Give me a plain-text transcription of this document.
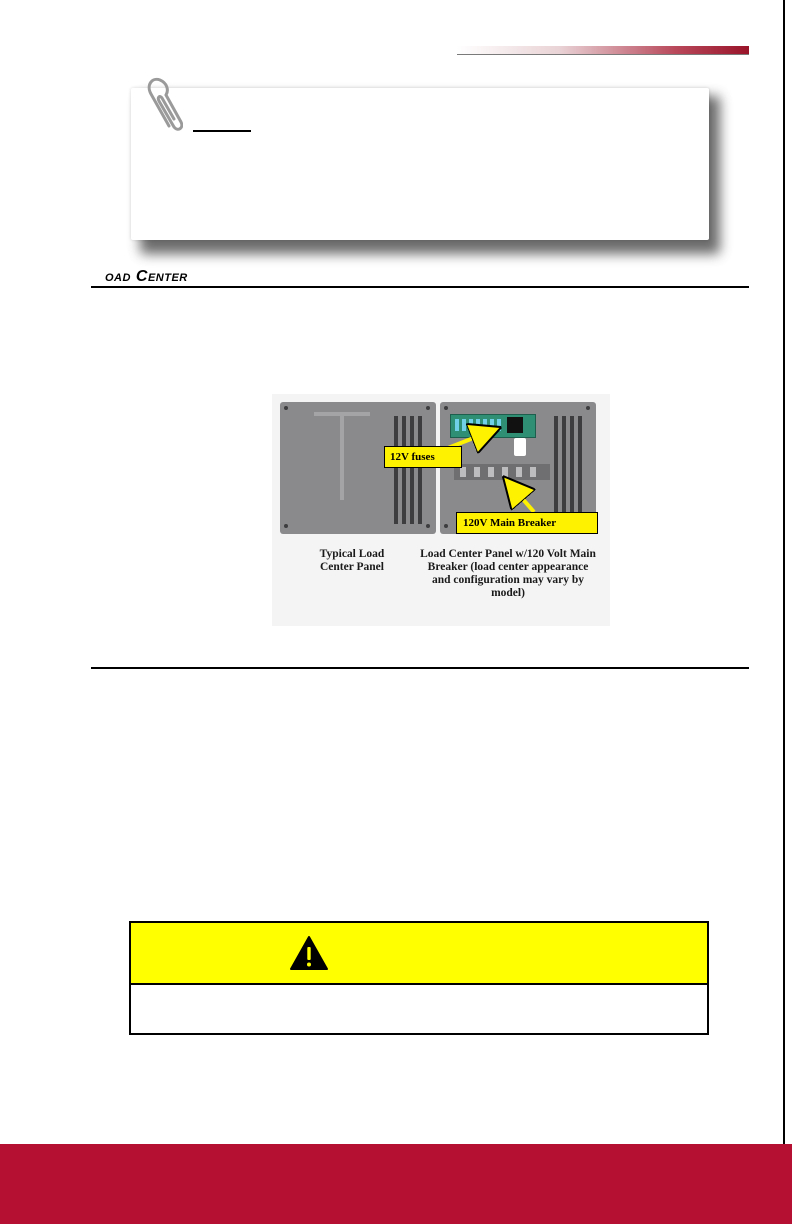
oad Center
12V fuses
120V Main Breaker
Typical Load Center Panel
Load Center Panel w/120 Volt Main Breaker (load center appearance and configuration may vary by model)
